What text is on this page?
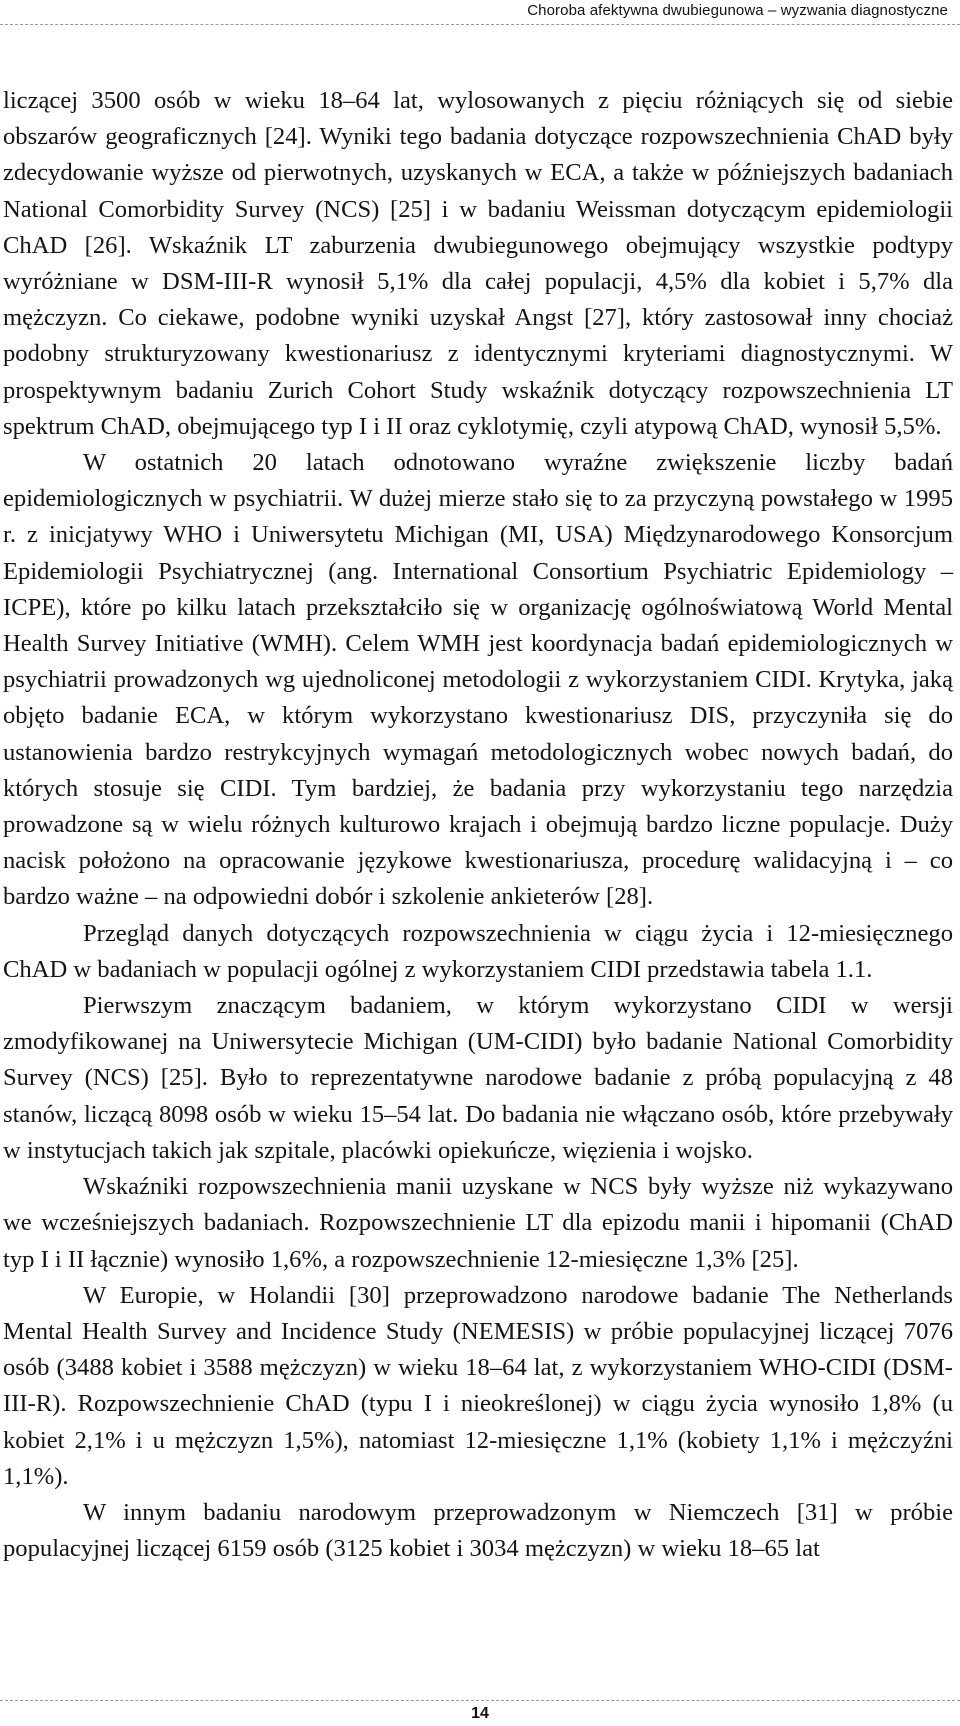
Choroba afektywna dwubiegunowa – wyzwania diagnostyczne

liczącej 3500 osób w wieku 18–64 lat, wylosowanych z pięciu różniących się od siebie obszarów geograficznych [24]. Wyniki tego badania dotyczące rozpowszechnienia ChAD były zdecydowanie wyższe od pierwotnych, uzyskanych w ECA, a także w późniejszych badaniach National Comorbidity Survey (NCS) [25] i w badaniu Weissman dotyczącym epidemiologii ChAD [26]. Wskaźnik LT zaburzenia dwubiegunowego obejmujący wszystkie podtypy wyróżniane w DSM-III-R wynosił 5,1% dla całej populacji, 4,5% dla kobiet i 5,7% dla mężczyzn. Co ciekawe, podobne wyniki uzyskał Angst [27], który zastosował inny chociaż podobny strukturyzowany kwestionariusz z identycznymi kryteriami diagnostycznymi. W prospektywnym badaniu Zurich Cohort Study wskaźnik dotyczący rozpowszechnienia LT spektrum ChAD, obejmującego typ I i II oraz cyklotymię, czyli atypową ChAD, wynosił 5,5%.

W ostatnich 20 latach odnotowano wyraźne zwiększenie liczby badań epidemiologicznych w psychiatrii. W dużej mierze stało się to za przyczyną powstałego w 1995 r. z inicjatywy WHO i Uniwersytetu Michigan (MI, USA) Międzynarodowego Konsorcjum Epidemiologii Psychiatrycznej (ang. International Consortium Psychiatric Epidemiology – ICPE), które po kilku latach przekształciło się w organizację ogólnoświatową World Mental Health Survey Initiative (WMH). Celem WMH jest koordynacja badań epidemiologicznych w psychiatrii prowadzonych wg ujednoliconej metodologii z wykorzystaniem CIDI. Krytyka, jaką objęto badanie ECA, w którym wykorzystano kwestionariusz DIS, przyczyniła się do ustanowienia bardzo restrykcyjnych wymagań metodologicznych wobec nowych badań, do których stosuje się CIDI. Tym bardziej, że badania przy wykorzystaniu tego narzędzia prowadzone są w wielu różnych kulturowo krajach i obejmują bardzo liczne populacje. Duży nacisk położono na opracowanie językowe kwestionariusza, procedurę walidacyjną i – co bardzo ważne – na odpowiedni dobór i szkolenie ankieterów [28].

Przegląd danych dotyczących rozpowszechnienia w ciągu życia i 12-miesięcznego ChAD w badaniach w populacji ogólnej z wykorzystaniem CIDI przedstawia tabela 1.1.

Pierwszym znaczącym badaniem, w którym wykorzystano CIDI w wersji zmodyfikowanej na Uniwersytecie Michigan (UM-CIDI) było badanie National Comorbidity Survey (NCS) [25]. Było to reprezentatywne narodowe badanie z próbą populacyjną z 48 stanów, liczącą 8098 osób w wieku 15–54 lat. Do badania nie włączano osób, które przebywały w instytucjach takich jak szpitale, placówki opiekuńcze, więzienia i wojsko.

Wskaźniki rozpowszechnienia manii uzyskane w NCS były wyższe niż wykazywano we wcześniejszych badaniach. Rozpowszechnienie LT dla epizodu manii i hipomanii (ChAD typ I i II łącznie) wynosiło 1,6%, a rozpowszechnienie 12-miesięczne 1,3% [25].

W Europie, w Holandii [30] przeprowadzono narodowe badanie The Netherlands Mental Health Survey and Incidence Study (NEMESIS) w próbie populacyjnej liczącej 7076 osób (3488 kobiet i 3588 mężczyzn) w wieku 18–64 lat, z wykorzystaniem WHO-CIDI (DSM-III-R). Rozpowszechnienie ChAD (typu I i nieokreślonej) w ciągu życia wynosiło 1,8% (u kobiet 2,1% i u mężczyzn 1,5%), natomiast 12-miesięczne 1,1% (kobiety 1,1% i mężczyźni 1,1%).

W innym badaniu narodowym przeprowadzonym w Niemczech [31] w próbie populacyjnej liczącej 6159 osób (3125 kobiet i 3034 mężczyzn) w wieku 18–65 lat

14
